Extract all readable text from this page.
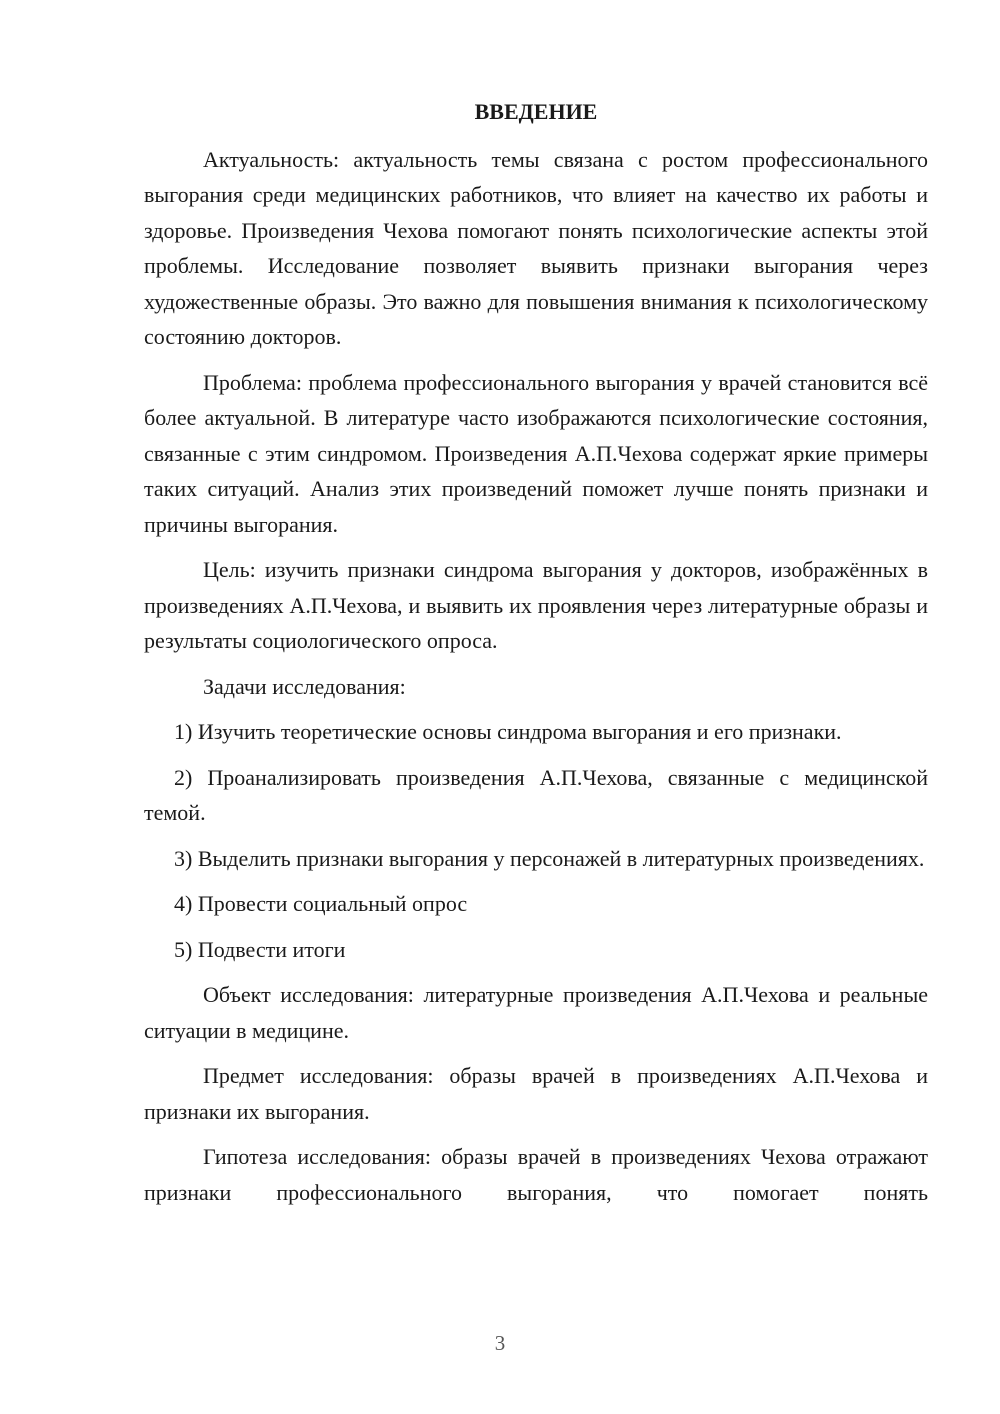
ВВЕДЕНИЕ

Актуальность: актуальность темы связана с ростом профессионального выгорания среди медицинских работников, что влияет на качество их работы и здоровье. Произведения Чехова помогают понять психологические аспекты этой проблемы. Исследование позволяет выявить признаки выгорания через художественные образы. Это важно для повышения внимания к психологическому состоянию докторов.

Проблема: проблема профессионального выгорания у врачей становится всё более актуальной. В литературе часто изображаются психологические состояния, связанные с этим синдромом. Произведения А.П.Чехова содержат яркие примеры таких ситуаций. Анализ этих произведений поможет лучше понять признаки и причины выгорания.

Цель: изучить признаки синдрома выгорания у докторов, изображённых в произведениях А.П.Чехова, и выявить их проявления через литературные образы и результаты социологического опроса.

Задачи исследования:

1) Изучить теоретические основы синдрома выгорания и его признаки.

2) Проанализировать произведения А.П.Чехова, связанные с медицинской темой.

3) Выделить признаки выгорания у персонажей в литературных произведениях.

4) Провести социальный опрос

5) Подвести итоги

Объект исследования: литературные произведения А.П.Чехова и реальные ситуации в медицине.

Предмет исследования: образы врачей в произведениях А.П.Чехова и признаки их выгорания.

Гипотеза исследования: образы врачей в произведениях Чехова отражают признаки профессионального выгорания, что помогает понять

3
